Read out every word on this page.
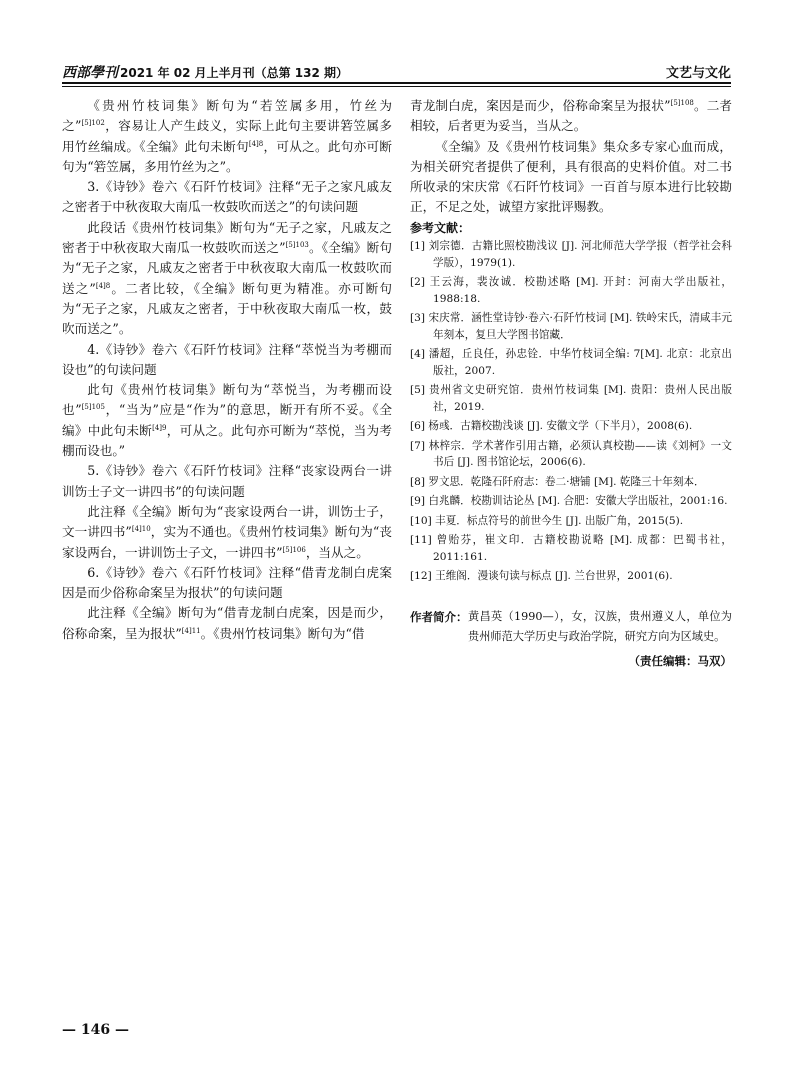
西部學刊 2021 年 02 月上半月刊（总第 132 期）	文艺与文化

《贵州竹枝词集》断句为“若笠属多用，竹丝为之”$^{[5]102}$，容易让人产生歧义，实际上此句主要讲箬笠属多用竹丝编成。《全编》此句未断句$^{[4]8}$，可从之。此句亦可断句为“箬笠属，多用竹丝为之”。

3.《诗钞》卷六《石阡竹枝词》注释“无子之家凡戚友之密者于中秋夜取大南瓜一枚鼓吹而送之”的句读问题

此段话《贵州竹枝词集》断句为“无子之家，凡戚友之密者于中秋夜取大南瓜一枚鼓吹而送之”$^{[5]103}$。《全编》断句为“无子之家，凡戚友之密者于中秋夜取大南瓜一枚鼓吹而送之”$^{[4]8}$。二者比较，《全编》断句更为精准。亦可断句为“无子之家，凡戚友之密者，于中秋夜取大南瓜一枚，鼓吹而送之”。

4.《诗钞》卷六《石阡竹枝词》注释“萃悦当为考棚而设也”的句读问题

此句《贵州竹枝词集》断句为“萃悦当，为考棚而设也”$^{[5]105}$，“当为”应是“作为”的意思，断开有所不妥。《全编》中此句未断$^{[4]9}$，可从之。此句亦可断为“萃悦，当为考棚而设也。”

5.《诗钞》卷六《石阡竹枝词》注释“丧家设两台一讲训饬士子文一讲四书”的句读问题

此注释《全编》断句为“丧家设两台一讲，训饬士子，文一讲四书”$^{[4]10}$，实为不通也。《贵州竹枝词集》断句为“丧家设两台，一讲训饬士子文，一讲四书”$^{[5]106}$，当从之。

6.《诗钞》卷六《石阡竹枝词》注释“借青龙制白虎案因是而少俗称命案呈为报状”的句读问题

此注释《全编》断句为“借青龙制白虎案，因是而少，俗称命案，呈为报状”$^{[4]11}$。《贵州竹枝词集》断句为“借

青龙制白虎，案因是而少，俗称命案呈为报状”$^{[5]108}$。二者相较，后者更为妥当，当从之。

《全编》及《贵州竹枝词集》集众多专家心血而成，为相关研究者提供了便利，具有很高的史料价值。对二书所收录的宋庆常《石阡竹枝词》一百首与原本进行比较勘正，不足之处，诚望方家批评赐教。

参考文献：

[1] 刘宗德．古籍比照校勘浅议 [J]. 河北师范大学学报（哲学社会科学版），1979(1).
[2] 王云海，裴汝诚．校勘述略 [M]. 开封：河南大学出版社，1988:18.
[3] 宋庆常．涵性堂诗钞·卷六·石阡竹枝词 [M]. 铁岭宋氏，清咸丰元年刻本，复旦大学图书馆藏．
[4] 潘超，丘良任，孙忠铨．中华竹枝词全编: 7[M]. 北京：北京出版社，2007.
[5] 贵州省文史研究馆．贵州竹枝词集 [M]. 贵阳：贵州人民出版社，2019.
[6] 杨彧．古籍校勘浅谈 [J]. 安徽文学（下半月），2008(6).
[7] 林梓宗．学术著作引用古籍，必须认真校勘——读《刘柯》一文书后 [J]. 图书馆论坛，2006(6).
[8] 罗文思．乾隆石阡府志：卷二·塘铺 [M]. 乾隆三十年刻本．
[9] 白兆麟．校勘训诂论丛 [M]. 合肥：安徽大学出版社，2001:16.
[10] 丰夏．标点符号的前世今生 [J]. 出版广角，2015(5).
[11] 曾贻芬，崔文印．古籍校勘说略 [M]. 成都：巴蜀书社，2011:161.
[12] 王维阁．漫谈句读与标点 [J]. 兰台世界，2001(6).
作者简介： 黄昌英（1990—），女，汉族，贵州遵义人，单位为贵州师范大学历史与政治学院，研究方向为区域史。
（责任编辑：马双）
— 146 —
